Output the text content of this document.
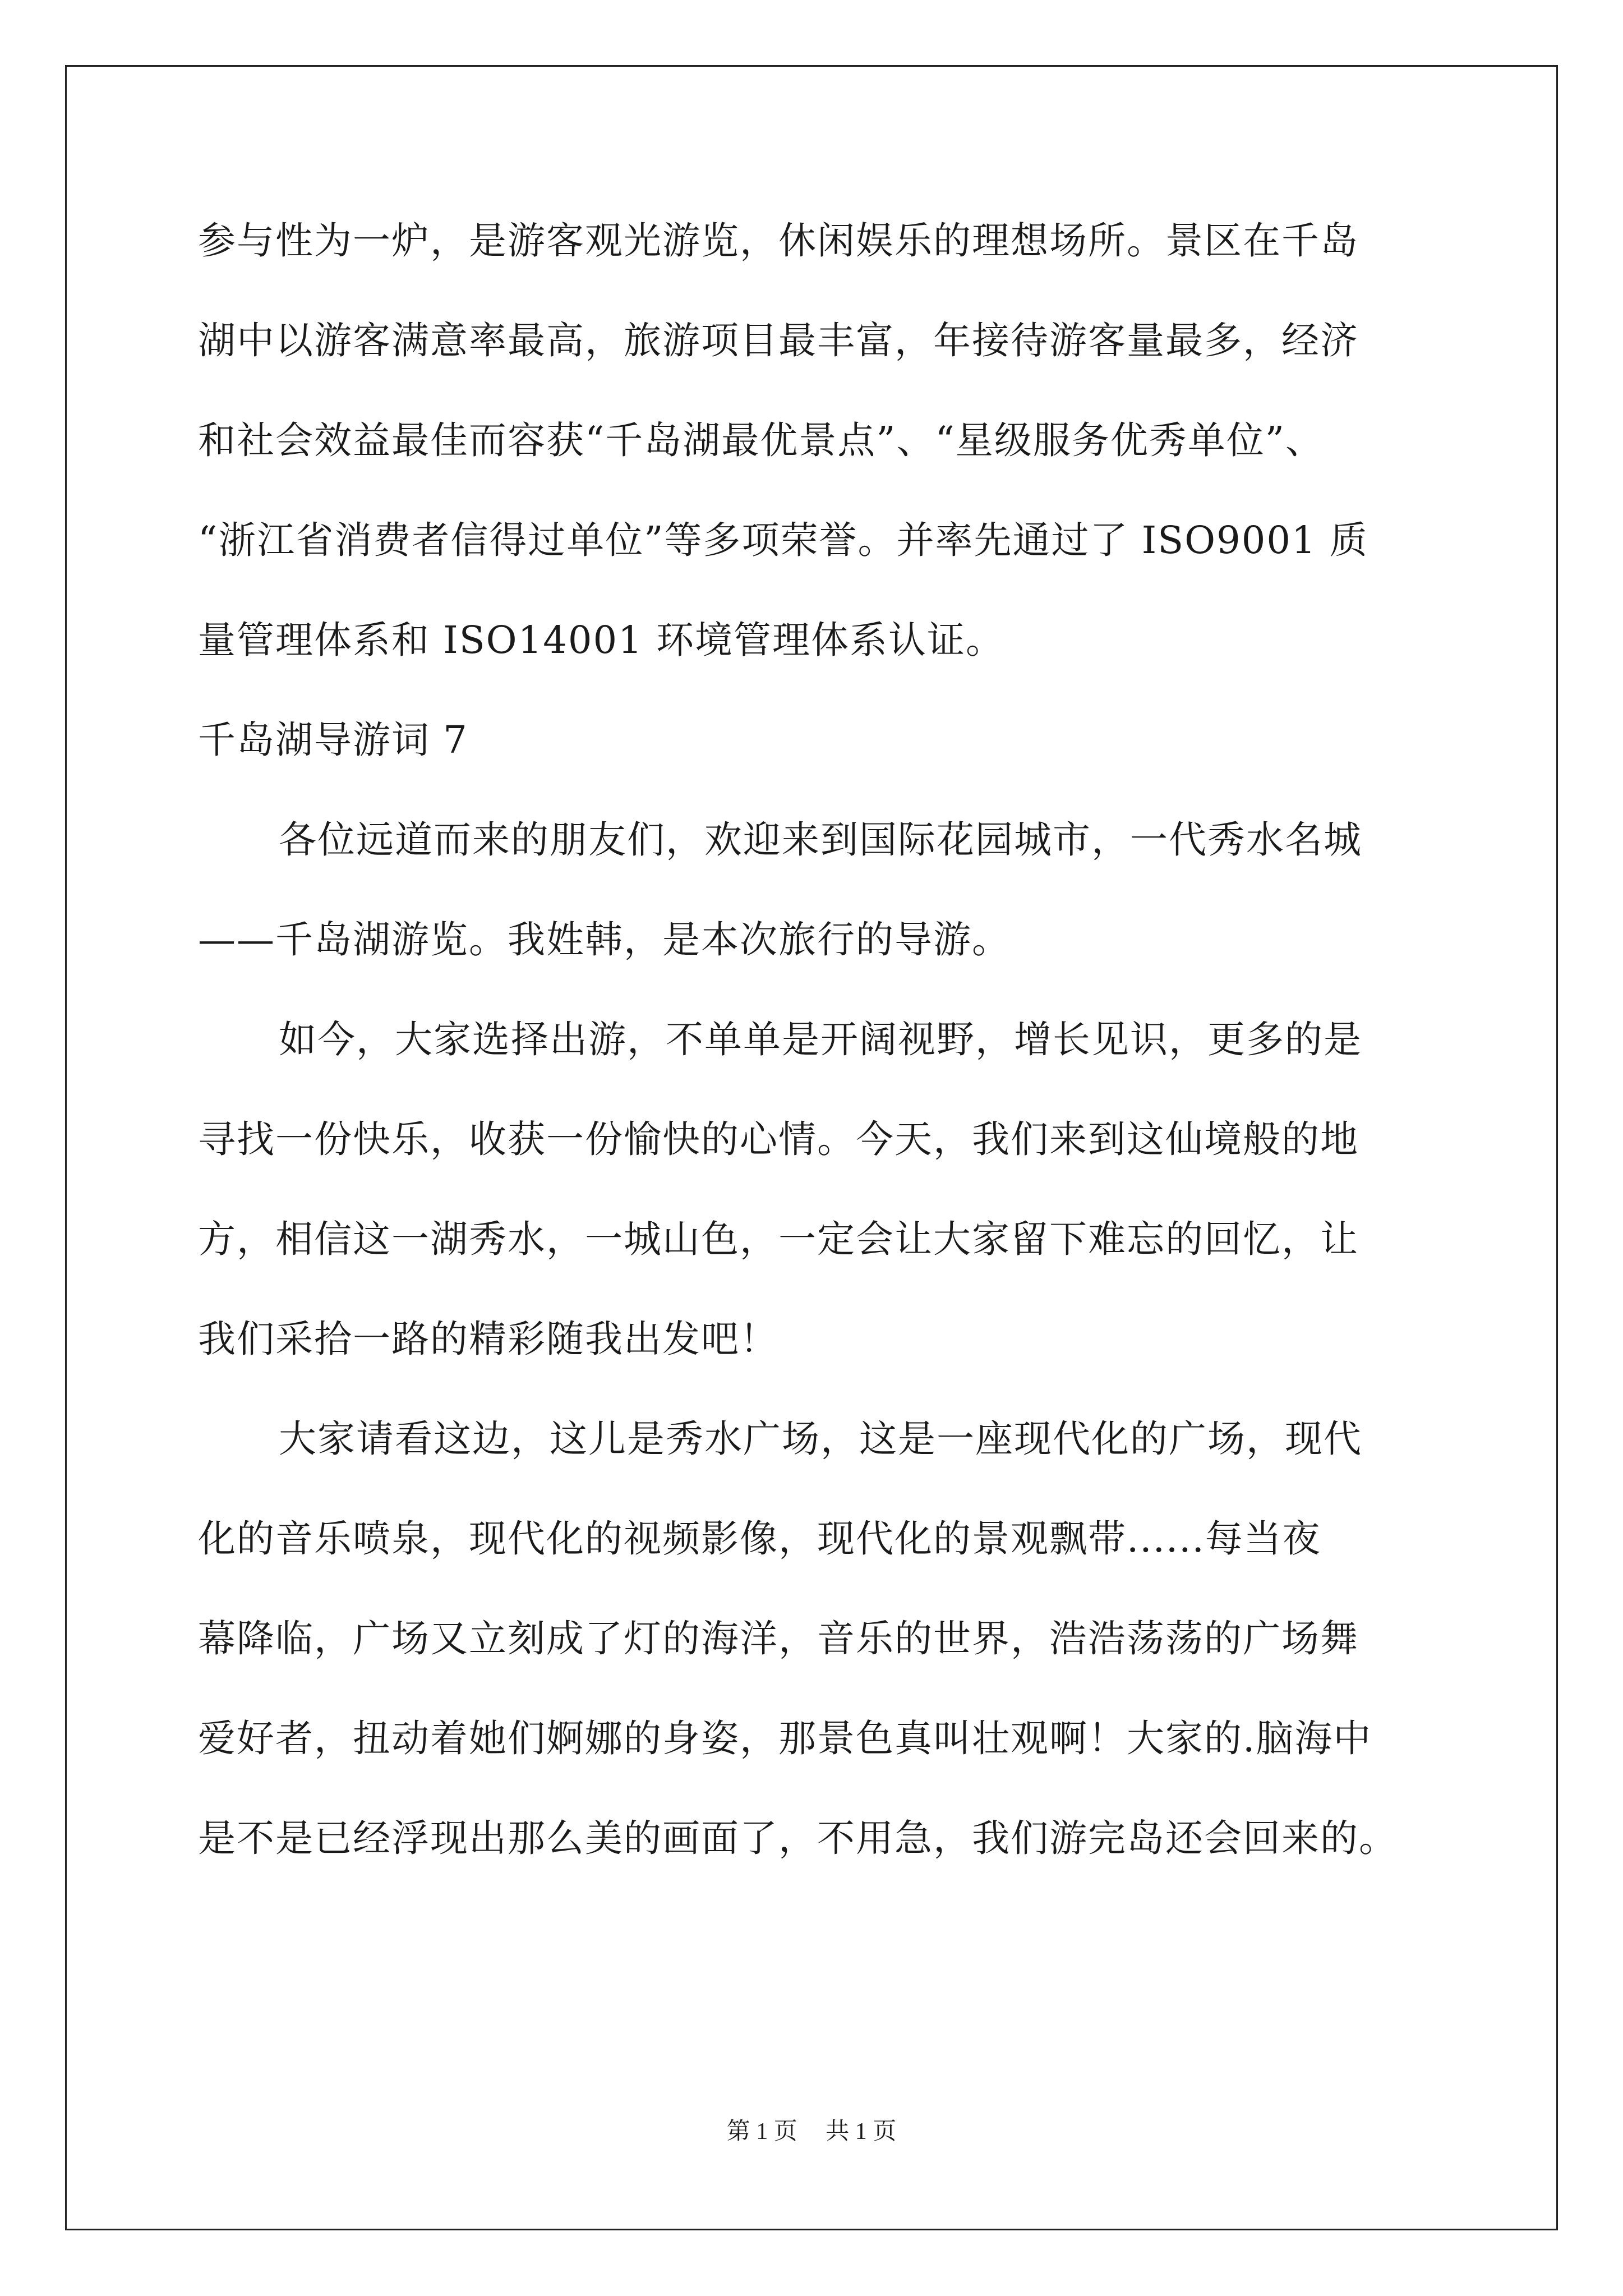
参与性为一炉，是游客观光游览，休闲娱乐的理想场所。景区在千岛
湖中以游客满意率最高，旅游项目最丰富，年接待游客量最多，经济
和社会效益最佳而容获“千岛湖最优景点”、“星级服务优秀单位”、
“浙江省消费者信得过单位”等多项荣誉。并率先通过了 ISO9001 质
量管理体系和 ISO14001 环境管理体系认证。
千岛湖导游词 7
各位远道而来的朋友们，欢迎来到国际花园城市，一代秀水名城
——千岛湖游览。我姓韩，是本次旅行的导游。
如今，大家选择出游，不单单是开阔视野，增长见识，更多的是
寻找一份快乐，收获一份愉快的心情。今天，我们来到这仙境般的地
方，相信这一湖秀水，一城山色，一定会让大家留下难忘的回忆，让
我们采拾一路的精彩随我出发吧！
大家请看这边，这儿是秀水广场，这是一座现代化的广场，现代
化的音乐喷泉，现代化的视频影像，现代化的景观飘带......每当夜
幕降临，广场又立刻成了灯的海洋，音乐的世界，浩浩荡荡的广场舞
爱好者，扭动着她们婀娜的身姿，那景色真叫壮观啊！大家的.脑海中
是不是已经浮现出那么美的画面了，不用急，我们游完岛还会回来的。
第 1 页 共 1 页
